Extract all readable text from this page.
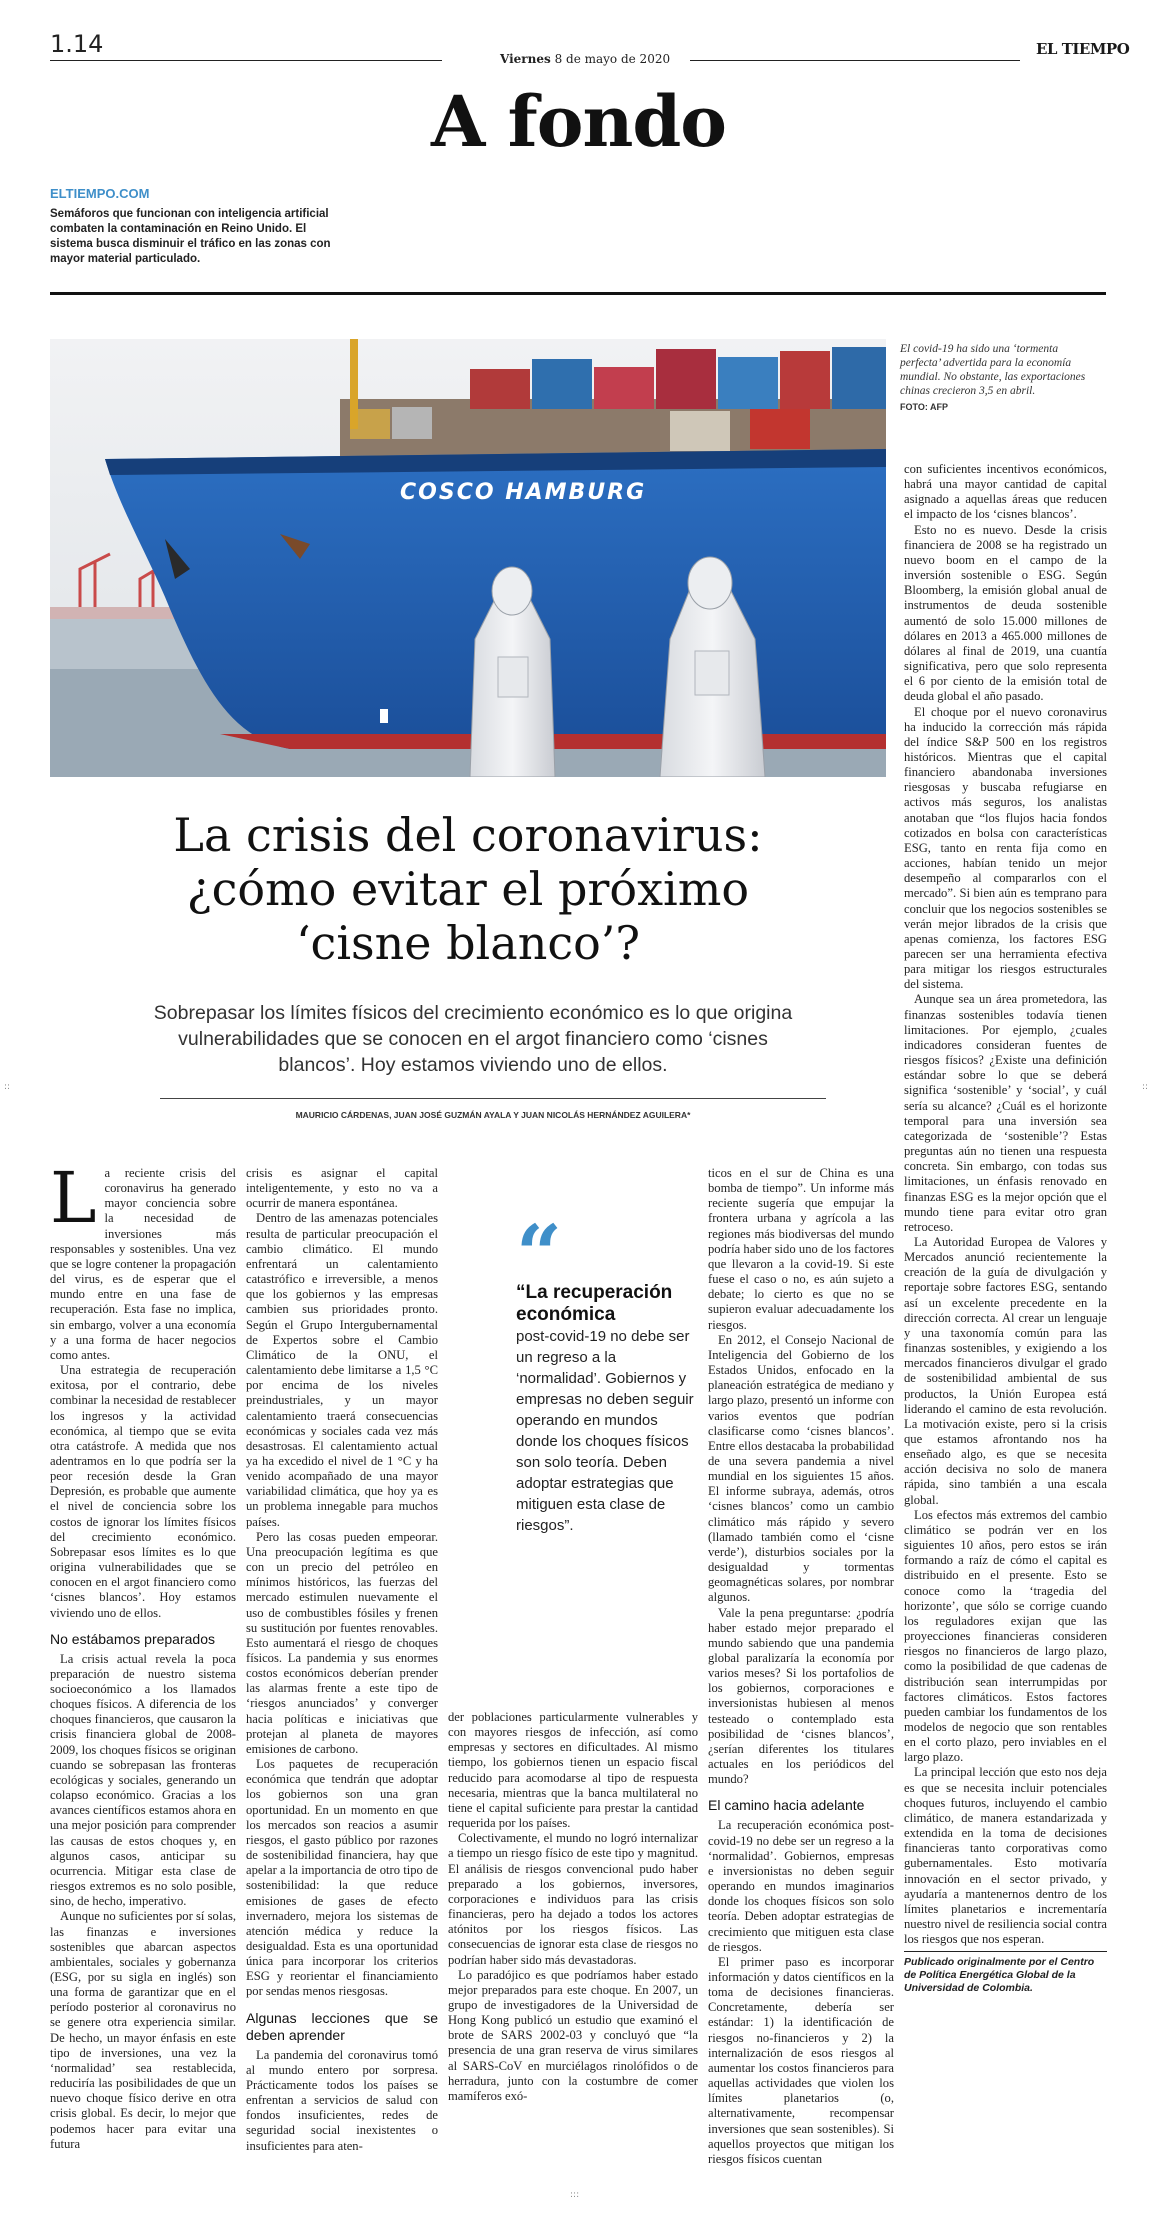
1.14
Viernes 8 de mayo de 2020
EL TIEMPO
A fondo
ELTIEMPO.COM
Semáforos que funcionan con inteligencia artificial combaten la contaminación en Reino Unido. El sistema busca disminuir el tráfico en las zonas con mayor material particulado.
COSCO HAMBURG
El covid-19 ha sido una ‘tormenta perfecta’ advertida para la economía mundial. No obstante, las exportaciones chinas crecieron 3,5 en abril.
FOTO: AFP
La crisis del coronavirus:
¿cómo evitar el próximo
‘cisne blanco’?
Sobrepasar los límites físicos del crecimiento económico es lo que origina vulnerabilidades que se conocen en el argot financiero como ‘cisnes blancos’. Hoy estamos viviendo uno de ellos.
MAURICIO CÁRDENAS, JUAN JOSÉ GUZMÁN AYALA Y JUAN NICOLÁS HERNÁNDEZ AGUILERA*
L a reciente crisis del coronavirus ha generado mayor conciencia sobre la necesidad de inversiones más responsables y sostenibles. Una vez que se logre contener la propagación del virus, es de esperar que el mundo entre en una fase de recuperación. Esta fase no implica, sin embargo, volver a una economía y a una forma de hacer negocios como antes.

Una estrategia de recuperación exitosa, por el contrario, debe combinar la necesidad de restablecer los ingresos y la actividad económica, al tiempo que se evita otra catástrofe. A medida que nos adentramos en lo que podría ser la peor recesión desde la Gran Depresión, es probable que aumente el nivel de conciencia sobre los costos de ignorar los límites físicos del crecimiento económico. Sobrepasar esos límites es lo que origina vulnerabilidades que se conocen en el argot financiero como ‘cisnes blancos’. Hoy estamos viviendo uno de ellos.

No estábamos preparados

La crisis actual revela la poca preparación de nuestro sistema socioeconómico a los llamados choques físicos. A diferencia de los choques financieros, que causaron la crisis financiera global de 2008-2009, los choques físicos se originan cuando se sobrepasan las fronteras ecológicas y sociales, generando un colapso económico. Gracias a los avances científicos estamos ahora en una mejor posición para comprender las causas de estos choques y, en algunos casos, anticipar su ocurrencia. Mitigar esta clase de riesgos extremos es no solo posible, sino, de hecho, imperativo.

Aunque no suficientes por sí solas, las finanzas e inversiones sostenibles que abarcan aspectos ambientales, sociales y gobernanza (ESG, por su sigla en inglés) son una forma de garantizar que en el período posterior al coronavirus no se genere otra experiencia similar. De hecho, un mayor énfasis en este tipo de inversiones, una vez la ‘normalidad’ sea restablecida, reduciría las posibilidades de que un nuevo choque físico derive en otra crisis global. Es decir, lo mejor que podemos hacer para evitar una futura

crisis es asignar el capital inteligentemente, y esto no va a ocurrir de manera espontánea.

Dentro de las amenazas potenciales resulta de particular preocupación el cambio climático. El mundo enfrentará un calentamiento catastrófico e irreversible, a menos que los gobiernos y las empresas cambien sus prioridades pronto. Según el Grupo Intergubernamental de Expertos sobre el Cambio Climático de la ONU, el calentamiento debe limitarse a 1,5 °C por encima de los niveles preindustriales, y un mayor calentamiento traerá consecuencias económicas y sociales cada vez más desastrosas. El calentamiento actual ya ha excedido el nivel de 1 °C y ha venido acompañado de una mayor variabilidad climática, que hoy ya es un problema innegable para muchos países.

Pero las cosas pueden empeorar. Una preocupación legítima es que con un precio del petróleo en mínimos históricos, las fuerzas del mercado estimulen nuevamente el uso de combustibles fósiles y frenen su sustitución por fuentes renovables. Esto aumentará el riesgo de choques físicos. La pandemia y sus enormes costos económicos deberían prender las alarmas frente a este tipo de ‘riesgos anunciados’ y converger hacia políticas e iniciativas que protejan al planeta de mayores emisiones de carbono.

Los paquetes de recuperación económica que tendrán que adoptar los gobiernos son una gran oportunidad. En un momento en que los mercados son reacios a asumir riesgos, el gasto público por razones de sostenibilidad financiera, hay que apelar a la importancia de otro tipo de sostenibilidad: la que reduce emisiones de gases de efecto invernadero, mejora los sistemas de atención médica y reduce la desigualdad. Esta es una oportunidad única para incorporar los criterios ESG y reorientar el financiamiento por sendas menos riesgosas.

Algunas lecciones que se deben aprender

La pandemia del coronavirus tomó al mundo entero por sorpresa. Prácticamente todos los países se enfrentan a servicios de salud con fondos insuficientes, redes de seguridad social inexistentes o insuficientes para aten-

“
“La recuperación económica
post-covid-19 no debe ser un regreso a la ‘normalidad’. Gobiernos y empresas no deben seguir operando en mundos donde los choques físicos son solo teoría. Deben adoptar estrategias que mitiguen esta clase de riesgos”.

der poblaciones particularmente vulnerables y con mayores riesgos de infección, así como empresas y sectores en dificultades. Al mismo tiempo, los gobiernos tienen un espacio fiscal reducido para acomodarse al tipo de respuesta necesaria, mientras que la banca multilateral no tiene el capital suficiente para prestar la cantidad requerida por los países.

Colectivamente, el mundo no logró internalizar a tiempo un riesgo físico de este tipo y magnitud. El análisis de riesgos convencional pudo haber preparado a los gobiernos, inversores, corporaciones e individuos para las crisis financieras, pero ha dejado a todos los actores atónitos por los riesgos físicos. Las consecuencias de ignorar esta clase de riesgos no podrían haber sido más devastadoras.

Lo paradójico es que podríamos haber estado mejor preparados para este choque. En 2007, un grupo de investigadores de la Universidad de Hong Kong publicó un estudio que examinó el brote de SARS 2002-03 y concluyó que “la presencia de una gran reserva de virus similares al SARS-CoV en murciélagos rinolófidos o de herradura, junto con la costumbre de comer mamíferos exó-

ticos en el sur de China es una bomba de tiempo”. Un informe más reciente sugería que empujar la frontera urbana y agrícola a las regiones más biodiversas del mundo podría haber sido uno de los factores que llevaron a la covid-19. Si este fuese el caso o no, es aún sujeto a debate; lo cierto es que no se supieron evaluar adecuadamente los riesgos.

En 2012, el Consejo Nacional de Inteligencia del Gobierno de los Estados Unidos, enfocado en la planeación estratégica de mediano y largo plazo, presentó un informe con varios eventos que podrían clasificarse como ‘cisnes blancos’. Entre ellos destacaba la probabilidad de una severa pandemia a nivel mundial en los siguientes 15 años. El informe subraya, además, otros ‘cisnes blancos’ como un cambio climático más rápido y severo (llamado también como el ‘cisne verde’), disturbios sociales por la desigualdad y tormentas geomagnéticas solares, por nombrar algunos.

Vale la pena preguntarse: ¿podría haber estado mejor preparado el mundo sabiendo que una pandemia global paralizaría la economía por varios meses? Si los portafolios de los gobiernos, corporaciones e inversionistas hubiesen al menos testeado o contemplado esta posibilidad de ‘cisnes blancos’, ¿serían diferentes los titulares actuales en los periódicos del mundo?

El camino hacia adelante

La recuperación económica post-covid-19 no debe ser un regreso a la ‘normalidad’. Gobiernos, empresas e inversionistas no deben seguir operando en mundos imaginarios donde los choques físicos son solo teoría. Deben adoptar estrategias de crecimiento que mitiguen esta clase de riesgos.

El primer paso es incorporar información y datos científicos en la toma de decisiones financieras. Concretamente, debería ser estándar: 1) la identificación de riesgos no-financieros y 2) la internalización de esos riesgos al aumentar los costos financieros para aquellas actividades que violen los límites planetarios (o, alternativamente, recompensar inversiones que sean sostenibles). Si aquellos proyectos que mitigan los riesgos físicos cuentan

con suficientes incentivos económicos, habrá una mayor cantidad de capital asignado a aquellas áreas que reducen el impacto de los ‘cisnes blancos’.

Esto no es nuevo. Desde la crisis financiera de 2008 se ha registrado un nuevo boom en el campo de la inversión sostenible o ESG. Según Bloomberg, la emisión global anual de instrumentos de deuda sostenible aumentó de solo 15.000 millones de dólares en 2013 a 465.000 millones de dólares al final de 2019, una cuantía significativa, pero que solo representa el 6 por ciento de la emisión total de deuda global el año pasado.

El choque por el nuevo coronavirus ha inducido la corrección más rápida del índice S&P 500 en los registros históricos. Mientras que el capital financiero abandonaba inversiones riesgosas y buscaba refugiarse en activos más seguros, los analistas anotaban que “los flujos hacia fondos cotizados en bolsa con características ESG, tanto en renta fija como en acciones, habían tenido un mejor desempeño al compararlos con el mercado”. Si bien aún es temprano para concluir que los negocios sostenibles se verán mejor librados de la crisis que apenas comienza, los factores ESG parecen ser una herramienta efectiva para mitigar los riesgos estructurales del sistema.

Aunque sea un área prometedora, las finanzas sostenibles todavía tienen limitaciones. Por ejemplo, ¿cuales indicadores consideran fuentes de riesgos físicos? ¿Existe una definición estándar sobre lo que se deberá significa ‘sostenible’ y ‘social’, y cuál sería su alcance? ¿Cuál es el horizonte temporal para una inversión sea categorizada de ‘sostenible’? Estas preguntas aún no tienen una respuesta concreta. Sin embargo, con todas sus limitaciones, un énfasis renovado en finanzas ESG es la mejor opción que el mundo tiene para evitar otro gran retroceso.

La Autoridad Europea de Valores y Mercados anunció recientemente la creación de la guía de divulgación y reportaje sobre factores ESG, sentando así un excelente precedente en la dirección correcta. Al crear un lenguaje y una taxonomía común para las finanzas sostenibles, y exigiendo a los mercados financieros divulgar el grado de sostenibilidad ambiental de sus productos, la Unión Europea está liderando el camino de esta revolución. La motivación existe, pero si la crisis que estamos afrontando nos ha enseñado algo, es que se necesita acción decisiva no solo de manera rápida, sino también a una escala global.

Los efectos más extremos del cambio climático se podrán ver en los siguientes 10 años, pero estos se irán formando a raíz de cómo el capital es distribuido en el presente. Esto se conoce como la ‘tragedia del horizonte’, que sólo se corrige cuando los reguladores exijan que las proyecciones financieras consideren riesgos no financieros de largo plazo, como la posibilidad de que cadenas de distribución sean interrumpidas por factores climáticos. Estos factores pueden cambiar los fundamentos de los modelos de negocio que son rentables en el corto plazo, pero inviables en el largo plazo.

La principal lección que esto nos deja es que se necesita incluir potenciales choques futuros, incluyendo el cambio climático, de manera estandarizada y extendida en la toma de decisiones financieras tanto corporativas como gubernamentales. Esto motivaría innovación en el sector privado, y ayudaría a mantenernos dentro de los límites planetarios e incrementaría nuestro nivel de resiliencia social contra los riesgos que nos esperan.

Publicado originalmente por el Centro de Política Energética Global de la Universidad de Colombia.
::	::
:::
